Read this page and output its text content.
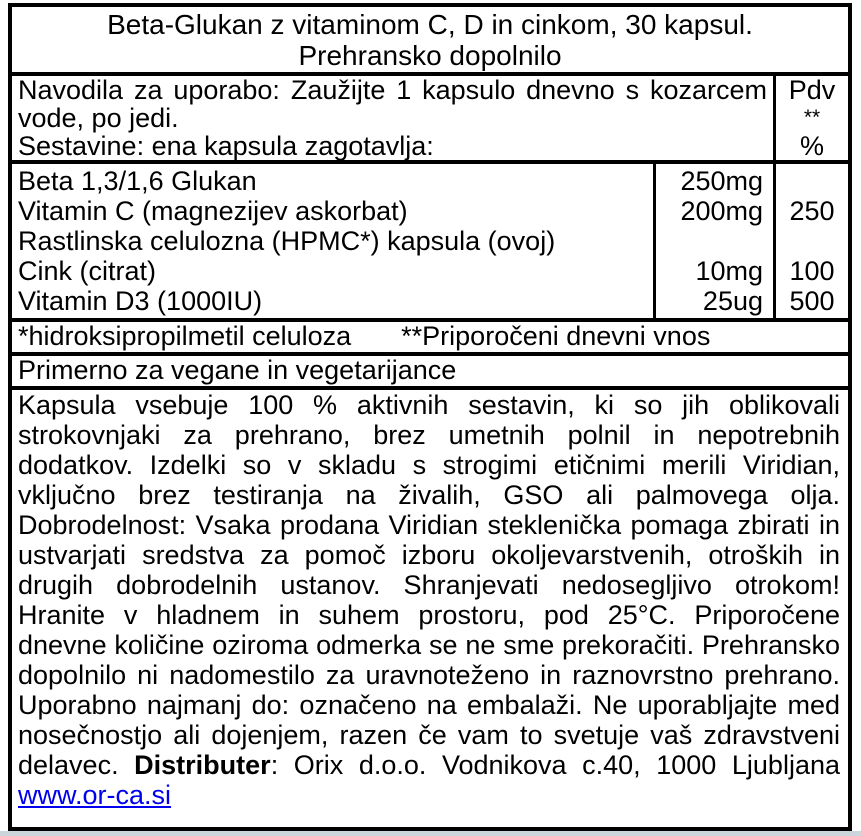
Beta-Glukan z vitaminom C, D in cinkom, 30 kapsul.
Prehransko dopolnilo
Navodila za uporabo: Zaužijte 1 kapsulo dnevno s kozarcem vode, po jedi.
Sestavine: ena kapsula zagotavlja:
Pdv
**
%
Beta 1,3/1,6 Glukan
Vitamin C (magnezijev askorbat)
Rastlinska celulozna (HPMC*) kapsula (ovoj)
Cink (citrat)
Vitamin D3 (1000IU)
250mg
200mg
10mg
25ug
250
100
500
*hidroksipropilmetil celuloza **Priporočeni dnevni vnos
Primerno za vegane in vegetarijance
Kapsula vsebuje 100 % aktivnih sestavin, ki so jih oblikovali strokovnjaki za prehrano, brez umetnih polnil in nepotrebnih dodatkov. Izdelki so v skladu s strogimi etičnimi merili Viridian, vključno brez testiranja na živalih, GSO ali palmovega olja. Dobrodelnost: Vsaka prodana Viridian steklenička pomaga zbirati in ustvarjati sredstva za pomoč izboru okoljevarstvenih, otroških in drugih dobrodelnih ustanov. Shranjevati nedosegljivo otrokom! Hranite v hladnem in suhem prostoru, pod 25°C. Priporočene dnevne količine oziroma odmerka se ne sme prekoračiti. Prehransko dopolnilo ni nadomestilo za uravnoteženo in raznovrstno prehrano. Uporabno najmanj do: označeno na embalaži. Ne uporabljajte med nosečnostjo ali dojenjem, razen če vam to svetuje vaš zdravstveni delavec. Distributer: Orix d.o.o. Vodnikova c.40, 1000 Ljubljana www.or-ca.si
